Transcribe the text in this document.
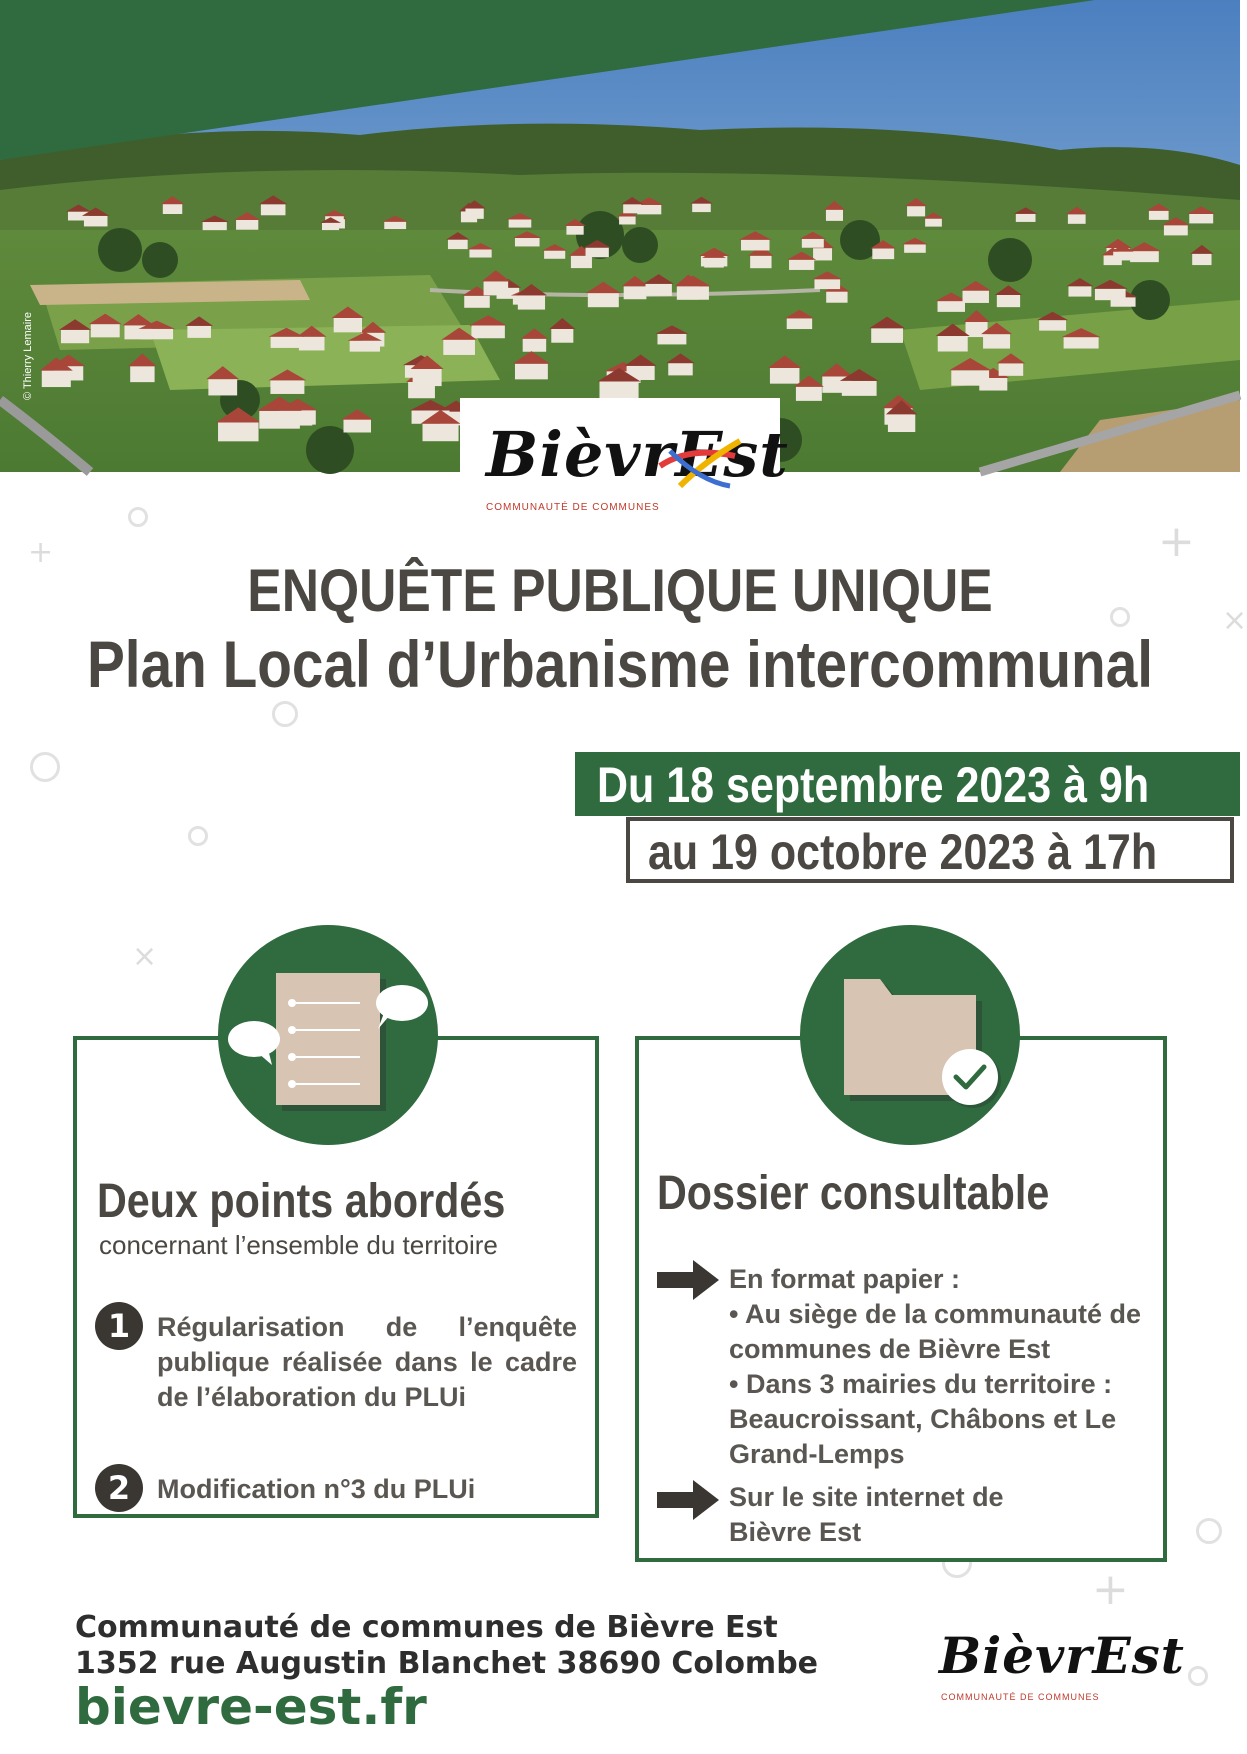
© Thierry Lemaire
BièvrEst
COMMUNAUTÉ DE COMMUNES
+	+
×
×
+
ENQUÊTE PUBLIQUE UNIQUE
Plan Local d’Urbanisme intercommunal
Du 18 septembre 2023 à 9h
au 19 octobre 2023 à 17h
Deux points abordés
concernant l’ensemble du territoire
1 Régularisation de l’enquête publique réalisée dans le cadre de l’élaboration du PLUi
2 Modification n°3 du PLUi
Dossier consultable
En format papier :
• Au siège de la communauté de communes de Bièvre Est
• Dans 3 mairies du territoire : Beaucroissant, Châbons et Le Grand-Lemps
Sur le site internet de Bièvre Est
Communauté de communes de Bièvre Est
1352 rue Augustin Blanchet 38690 Colombe
bievre-est.fr
BièvrEst
COMMUNAUTÉ DE COMMUNES
